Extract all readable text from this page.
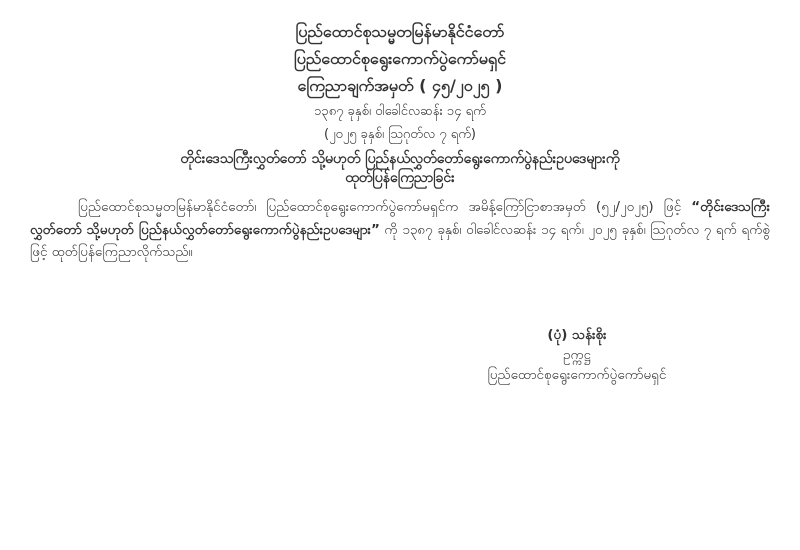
ပြည်ထောင်စုသမ္မတမြန်မာနိုင်ငံတော်
ပြည်ထောင်စုရွေးကောက်ပွဲကော်မရှင်
ကြေညာချက်အမှတ် ( ၄၅/၂၀၂၅ )
၁၃၈၇ ခုနှစ်၊ ဝါခေါင်လဆန်း ၁၄ ရက်
(၂၀၂၅ ခုနှစ်၊ ဩဂုတ်လ ၇ ရက်)
တိုင်းဒေသကြီးလွှတ်တော် သို့မဟုတ် ပြည်နယ်လွှတ်တော်ရွေးကောက်ပွဲနည်းဥပဒေများကို
ထုတ်ပြန်ကြေညာခြင်း

ပြည်ထောင်စုသမ္မတမြန်မာနိုင်ငံတော်၊ ပြည်ထောင်စုရွေးကောက်ပွဲကော်မရှင်က အမိန့်ကြော်ငြာစာအမှတ် (၅၂/၂၀၂၅) ဖြင့် “တိုင်းဒေသကြီးလွှတ်တော် သို့မဟုတ် ပြည်နယ်လွှတ်တော်ရွေးကောက်ပွဲနည်းဥပဒေများ” ကို ၁၃၈၇ ခုနှစ်၊ ဝါခေါင်လဆန်း ၁၄ ရက်၊ ၂၀၂၅ ခုနှစ်၊ ဩဂုတ်လ ၇ ရက် ရက်စွဲဖြင့် ထုတ်ပြန်ကြေညာလိုက်သည်။

(ပုံ) သန်းစိုး
ဥက္ကဋ္ဌ
ပြည်ထောင်စုရွေးကောက်ပွဲကော်မရှင်
